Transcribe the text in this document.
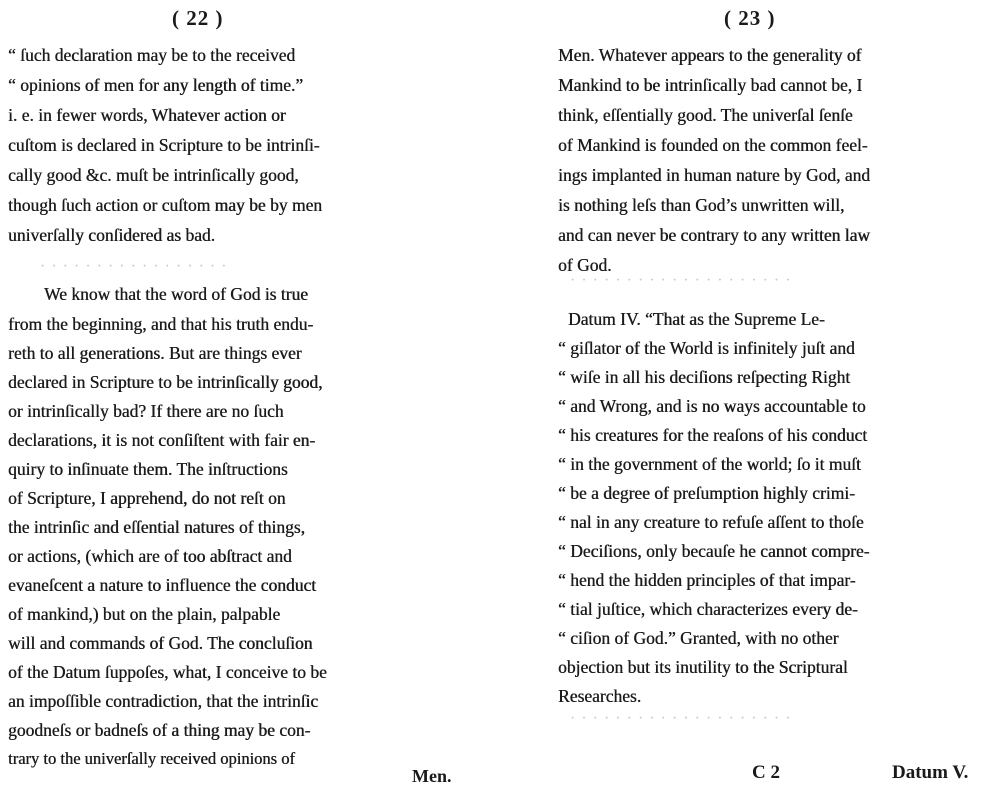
( 22 )
“ ſuch declaration may be to the received
“ opinions of men for any length of time.”
i. e. in fewer words, Whatever action or
cuſtom is declared in Scripture to be intrinſi-
cally good &c. muſt be intrinſically good,
though ſuch action or cuſtom may be by men
univerſally conſidered as bad.
We know that the word of God is true
from the beginning, and that his truth endu-
reth to all generations. But are things ever
declared in Scripture to be intrinſically good,
or intrinſically bad? If there are no ſuch
declarations, it is not conſiſtent with fair en-
quiry to inſinuate them. The inſtructions
of Scripture, I apprehend, do not reſt on
the intrinſic and eſſential natures of things,
or actions, (which are of too abſtract and
evaneſcent a nature to influence the conduct
of mankind,) but on the plain, palpable
will and commands of God. The concluſion
of the Datum ſuppoſes, what, I conceive to be
an impoſſible contradiction, that the intrinſic
goodneſs or badneſs of a thing may be con-
trary to the univerſally received opinions of
· · · · · · · · · · · · · · · · ·
Men.
( 23 )
Men. Whatever appears to the generality of
Mankind to be intrinſically bad cannot be, I
think, eſſentially good. The univerſal ſenſe
of Mankind is founded on the common feel-
ings implanted in human nature by God, and
is nothing leſs than God’s unwritten will,
and can never be contrary to any written law
of God.
Datum IV. “That as the Supreme Le-
“ giſlator of the World is infinitely juſt and
“ wiſe in all his deciſions reſpecting Right
“ and Wrong, and is no ways accountable to
“ his creatures for the reaſons of his conduct
“ in the government of the world; ſo it muſt
“ be a degree of preſumption highly crimi-
“ nal in any creature to refuſe aſſent to thoſe
“ Deciſions, only becauſe he cannot compre-
“ hend the hidden principles of that impar-
“ tial juſtice, which characterizes every de-
“ ciſion of God.” Granted, with no other
objection but its inutility to the Scriptural
Researches.
· · · · · · · · · · · · · · · · · · · ·
· · · · · · · · · · · · · · · · · · · ·
C 2	Datum V.
